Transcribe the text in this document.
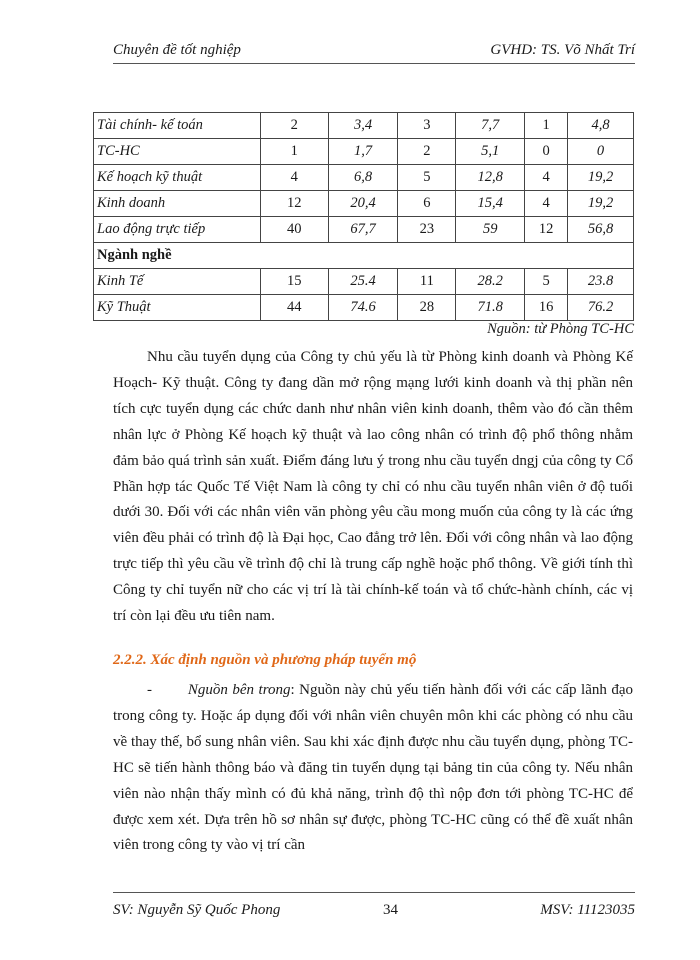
Chuyên đề tốt nghiệp	GVHD: TS. Võ Nhất Trí
Tài chính- kế toán	2	3,4	3	7,7	1	4,8
TC-HC	1	1,7	2	5,1	0	0
Kế hoạch kỹ thuật	4	6,8	5	12,8	4	19,2
Kinh doanh	12	20,4	6	15,4	4	19,2
Lao động trực tiếp	40	67,7	23	59	12	56,8
Ngành nghề						
Kinh Tế	15	25.4	11	28.2	5	23.8
Kỹ Thuật	44	74.6	28	71.8	16	76.2
Nguồn: từ Phòng TC-HC

Nhu cầu tuyển dụng của Công ty chủ yếu là từ Phòng kinh doanh và Phòng Kế Hoạch- Kỹ thuật. Công ty đang dần mở rộng mạng lưới kinh doanh và thị phần nên tích cực tuyển dụng các chức danh như nhân viên kinh doanh, thêm vào đó cần thêm nhân lực ở Phòng Kế hoạch kỹ thuật và lao công nhân có trình độ phổ thông nhằm đảm bảo quá trình sản xuất. Điểm đáng lưu ý trong nhu cầu tuyển dngj của công ty Cổ Phần hợp tác Quốc Tế Việt Nam là công ty chỉ có nhu cầu tuyển nhân viên ở độ tuổi dưới 30. Đối với các nhân viên văn phòng yêu cầu mong muốn của công ty là các ứng viên đều phải có trình độ là Đại học, Cao đẳng trở lên. Đối với công nhân và lao động trực tiếp thì yêu cầu về trình độ chỉ là trung cấp nghề hoặc phổ thông. Về giới tính thì Công ty chỉ tuyển nữ cho các vị trí là tài chính-kế toán và tổ chức-hành chính, các vị trí còn lại đều ưu tiên nam.

2.2.2. Xác định nguồn và phương pháp tuyển mộ

- Nguồn bên trong: Nguồn này chủ yếu tiến hành đối với các cấp lãnh đạo trong công ty. Hoặc áp dụng đối với nhân viên chuyên môn khi các phòng có nhu cầu về thay thế, bổ sung nhân viên. Sau khi xác định được nhu cầu tuyển dụng, phòng TC-HC sẽ tiến hành thông báo và đăng tin tuyển dụng tại bảng tin của công ty. Nếu nhân viên nào nhận thấy mình có đủ khả năng, trình độ thì nộp đơn tới phòng TC-HC để được xem xét. Dựa trên hồ sơ nhân sự được, phòng TC-HC cũng có thể đề xuất nhân viên trong công ty vào vị trí cần

SV: Nguyễn Sỹ Quốc Phong	34	MSV: 11123035
